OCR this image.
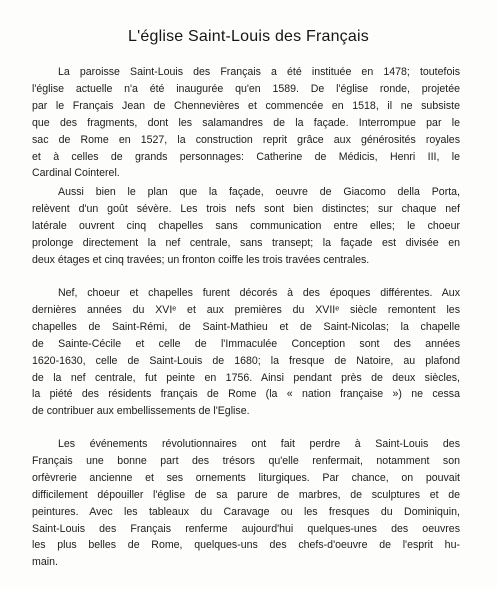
L'église Saint-Louis des Français
La paroisse Saint-Louis des Français a été instituée en 1478; toutefois
l'église actuelle n'a été inaugurée qu'en 1589. De l'église ronde, projetée
par le Français Jean de Chennevières et commencée en 1518, il ne subsiste
que des fragments, dont les salamandres de la façade. Interrompue par le
sac de Rome en 1527, la construction reprit grâce aux générosités royales
et à celles de grands personnages: Catherine de Médicis, Henri III, le
Cardinal Cointerel.
Aussi bien le plan que la façade, oeuvre de Giacomo della Porta,
relèvent d'un goût sévère. Les trois nefs sont bien distinctes; sur chaque nef
latérale ouvrent cinq chapelles sans communication entre elles; le choeur
prolonge directement la nef centrale, sans transept; la façade est divisée en
deux étages et cinq travées; un fronton coiffe les trois travées centrales.
Nef, choeur et chapelles furent décorés à des époques différentes. Aux
dernières années du XVIᵉ et aux premières du XVIIᵉ siècle remontent les
chapelles de Saint-Rémi, de Saint-Mathieu et de Saint-Nicolas; la chapelle
de Sainte-Cécile et celle de l'Immaculée Conception sont des années
1620-1630, celle de Saint-Louis de 1680; la fresque de Natoire, au plafond
de la nef centrale, fut peinte en 1756. Ainsi pendant près de deux siècles,
la piété des résidents français de Rome (la « nation française ») ne cessa
de contribuer aux embellissements de l'Eglise.
Les événements révolutionnaires ont fait perdre à Saint-Louis des
Français une bonne part des trésors qu'elle renfermait, notamment son
orfèvrerie ancienne et ses ornements liturgiques. Par chance, on pouvait
difficilement dépouiller l'église de sa parure de marbres, de sculptures et de
peintures. Avec les tableaux du Caravage ou les fresques du Dominiquin,
Saint-Louis des Français renferme aujourd'hui quelques-unes des oeuvres
les plus belles de Rome, quelques-uns des chefs-d'oeuvre de l'esprit hu-
main.
